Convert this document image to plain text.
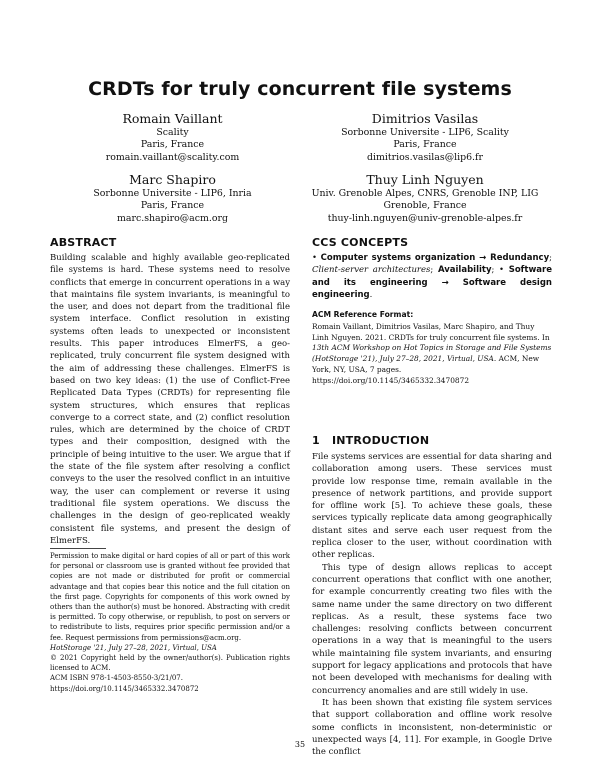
CRDTs for truly concurrent file systems
Romain Vaillant
Scality
Paris, France
romain.vaillant@scality.com
Dimitrios Vasilas
Sorbonne Universite - LIP6, Scality
Paris, France
dimitrios.vasilas@lip6.fr
Marc Shapiro
Sorbonne Universite - LIP6, Inria
Paris, France
marc.shapiro@acm.org
Thuy Linh Nguyen
Univ. Grenoble Alpes, CNRS, Grenoble INP, LIG
Grenoble, France
thuy-linh.nguyen@univ-grenoble-alpes.fr
ABSTRACT
Building scalable and highly available geo-replicated file systems is hard. These systems need to resolve conflicts that emerge in concurrent operations in a way that maintains file system invariants, is meaningful to the user, and does not depart from the traditional file system interface. Conflict resolution in existing systems often leads to unexpected or inconsistent results. This paper introduces ElmerFS, a geo-replicated, truly concurrent file system designed with the aim of addressing these challenges. ElmerFS is based on two key ideas: (1) the use of Conflict-Free Replicated Data Types (CRDTs) for representing file system structures, which ensures that replicas converge to a correct state, and (2) conflict resolution rules, which are determined by the choice of CRDT types and their composition, designed with the principle of being intuitive to the user. We argue that if the state of the file system after resolving a conflict conveys to the user the resolved conflict in an intuitive way, the user can complement or reverse it using traditional file system operations. We discuss the challenges in the design of geo-replicated weakly consistent file systems, and present the design of ElmerFS.
Permission to make digital or hard copies of all or part of this work for personal or classroom use is granted without fee provided that copies are not made or distributed for profit or commercial advantage and that copies bear this notice and the full citation on the first page. Copyrights for components of this work owned by others than the author(s) must be honored. Abstracting with credit is permitted. To copy otherwise, or republish, to post on servers or to redistribute to lists, requires prior specific permission and/or a fee. Request permissions from permissions@acm.org.
HotStorage '21, July 27–28, 2021, Virtual, USA
© 2021 Copyright held by the owner/author(s). Publication rights licensed to ACM.
ACM ISBN 978-1-4503-8550-3/21/07.
https://doi.org/10.1145/3465332.3470872
CCS CONCEPTS
• Computer systems organization → Redundancy; Client-server architectures; Availability; • Software and its engineering → Software design engineering.
ACM Reference Format:
Romain Vaillant, Dimitrios Vasilas, Marc Shapiro, and Thuy Linh Nguyen. 2021. CRDTs for truly concurrent file systems. In 13th ACM Workshop on Hot Topics in Storage and File Systems (HotStorage '21), July 27–28, 2021, Virtual, USA. ACM, New York, NY, USA, 7 pages. https://doi.org/10.1145/3465332.3470872
1 INTRODUCTION
File systems services are essential for data sharing and collaboration among users. These services must provide low response time, remain available in the presence of network partitions, and provide support for offline work [5]. To achieve these goals, these services typically replicate data among geographically distant sites and serve each user request from the replica closer to the user, without coordination with other replicas.
This type of design allows replicas to accept concurrent operations that conflict with one another, for example concurrently creating two files with the same name under the same directory on two different replicas. As a result, these systems face two challenges: resolving conflicts between concurrent operations in a way that is meaningful to the users while maintaining file system invariants, and ensuring support for legacy applications and protocols that have not been developed with mechanisms for dealing with concurrency anomalies and are still widely in use.
It has been shown that existing file system services that support collaboration and offline work resolve some conflicts in inconsistent, non-deterministic or unexpected ways [4, 11]. For example, in Google Drive the conflict
35
